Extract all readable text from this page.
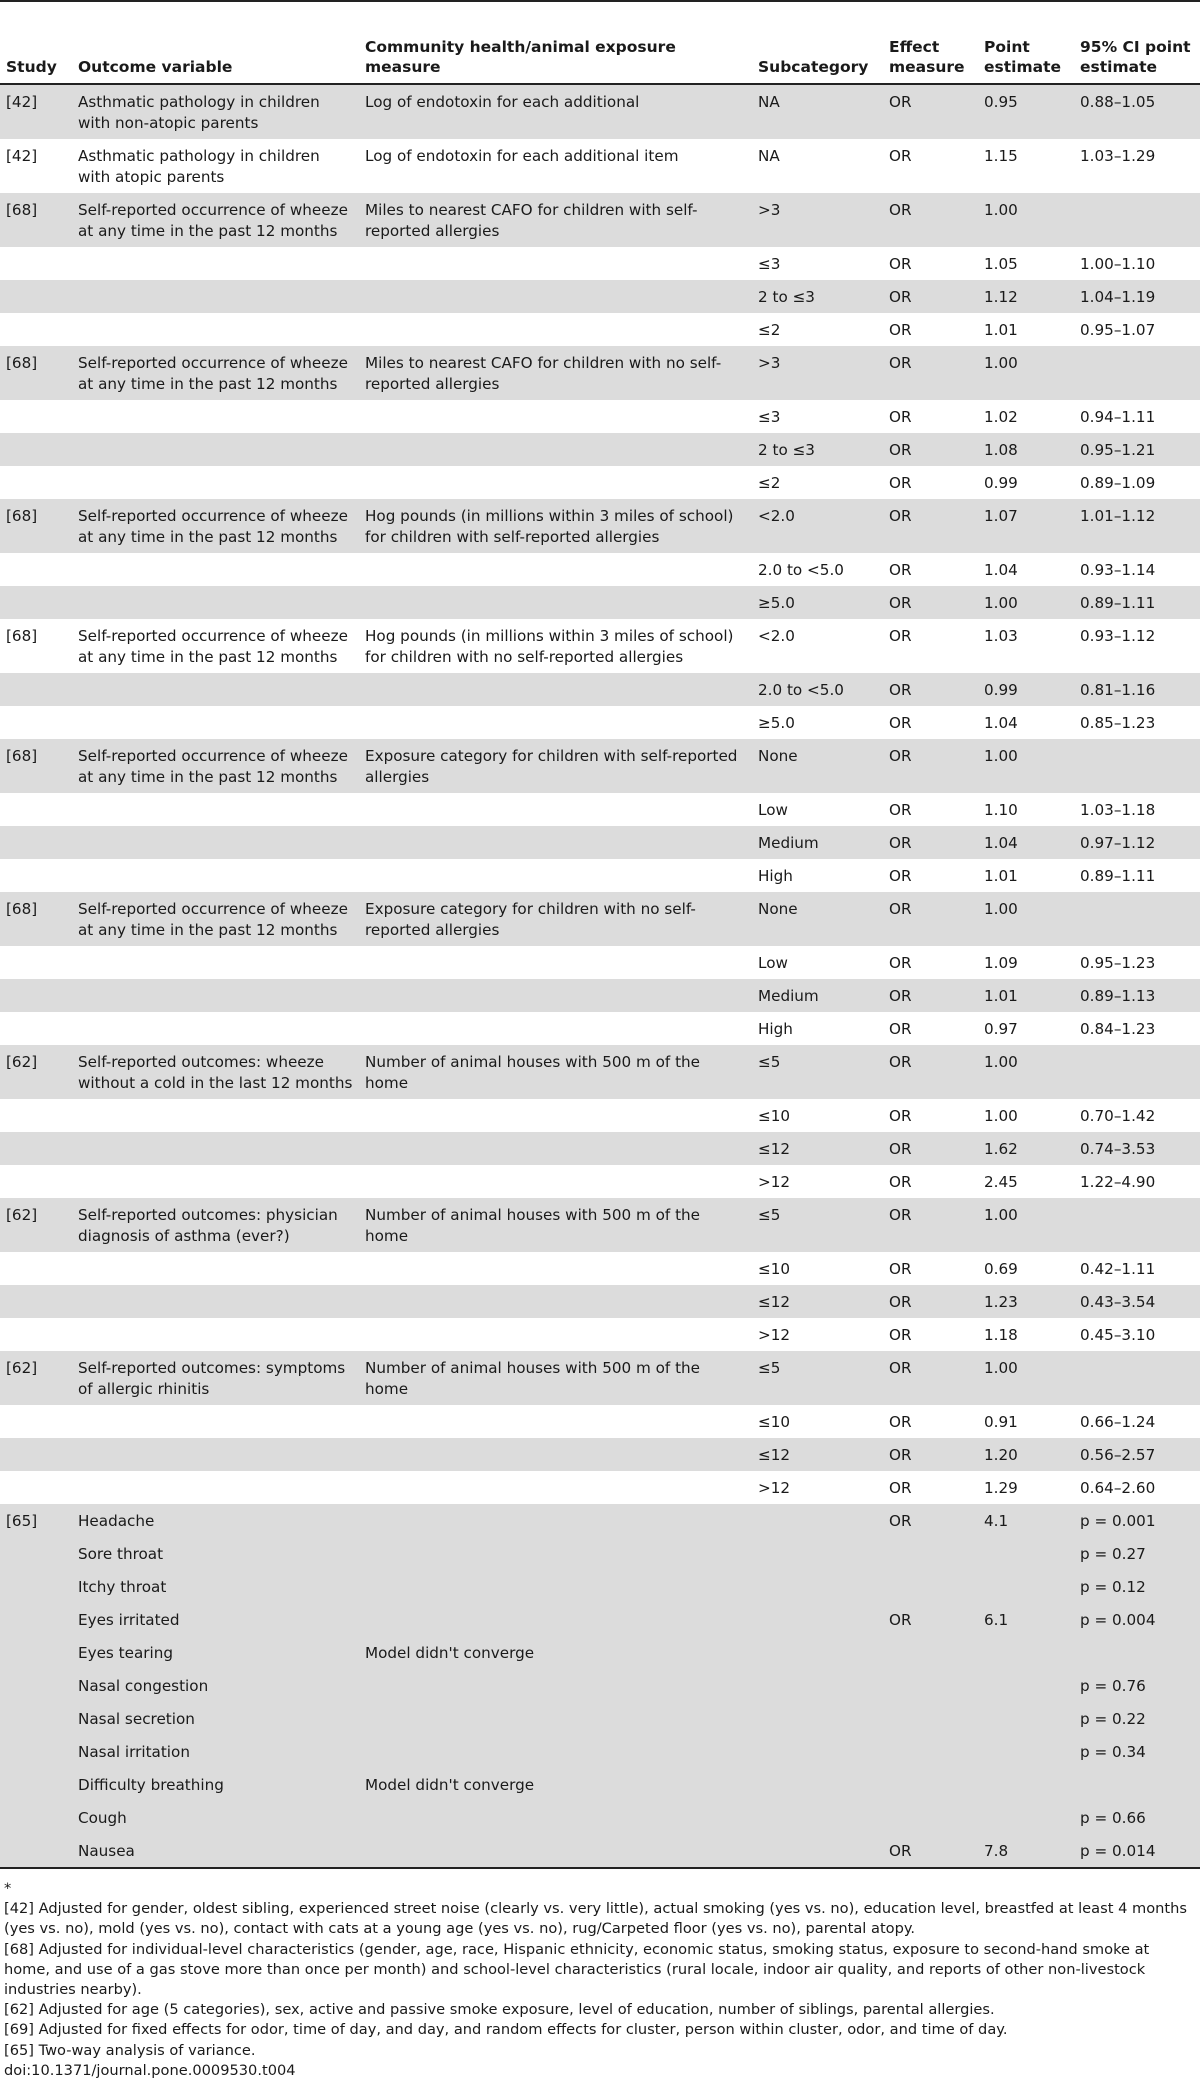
Study	Outcome variable	Community health/animal exposure measure	Subcategory	Effect measure	Point estimate	95% CI point estimate
[42]	Asthmatic pathology in children with non-atopic parents	Log of endotoxin for each additional	NA	OR	0.95	0.88–1.05
[42]	Asthmatic pathology in children with atopic parents	Log of endotoxin for each additional item	NA	OR	1.15	1.03–1.29
[68]	Self-reported occurrence of wheeze at any time in the past 12 months	Miles to nearest CAFO for children with self-reported allergies	>3	OR	1.00	
			≤3	OR	1.05	1.00–1.10
			2 to ≤3	OR	1.12	1.04–1.19
			≤2	OR	1.01	0.95–1.07
[68]	Self-reported occurrence of wheeze at any time in the past 12 months	Miles to nearest CAFO for children with no self-reported allergies	>3	OR	1.00	
			≤3	OR	1.02	0.94–1.11
			2 to ≤3	OR	1.08	0.95–1.21
			≤2	OR	0.99	0.89–1.09
[68]	Self-reported occurrence of wheeze at any time in the past 12 months	Hog pounds (in millions within 3 miles of school) for children with self-reported allergies	<2.0	OR	1.07	1.01–1.12
			2.0 to <5.0	OR	1.04	0.93–1.14
			≥5.0	OR	1.00	0.89–1.11
[68]	Self-reported occurrence of wheeze at any time in the past 12 months	Hog pounds (in millions within 3 miles of school) for children with no self-reported allergies	<2.0	OR	1.03	0.93–1.12
			2.0 to <5.0	OR	0.99	0.81–1.16
			≥5.0	OR	1.04	0.85–1.23
[68]	Self-reported occurrence of wheeze at any time in the past 12 months	Exposure category for children with self-reported allergies	None	OR	1.00	
			Low	OR	1.10	1.03–1.18
			Medium	OR	1.04	0.97–1.12
			High	OR	1.01	0.89–1.11
[68]	Self-reported occurrence of wheeze at any time in the past 12 months	Exposure category for children with no self-reported allergies	None	OR	1.00	
			Low	OR	1.09	0.95–1.23
			Medium	OR	1.01	0.89–1.13
			High	OR	0.97	0.84–1.23
[62]	Self-reported outcomes: wheeze without a cold in the last 12 months	Number of animal houses with 500 m of the home	≤5	OR	1.00	
			≤10	OR	1.00	0.70–1.42
			≤12	OR	1.62	0.74–3.53
			>12	OR	2.45	1.22–4.90
[62]	Self-reported outcomes: physician diagnosis of asthma (ever?)	Number of animal houses with 500 m of the home	≤5	OR	1.00	
			≤10	OR	0.69	0.42–1.11
			≤12	OR	1.23	0.43–3.54
			>12	OR	1.18	0.45–3.10
[62]	Self-reported outcomes: symptoms of allergic rhinitis	Number of animal houses with 500 m of the home	≤5	OR	1.00	
			≤10	OR	0.91	0.66–1.24
			≤12	OR	1.20	0.56–2.57
			>12	OR	1.29	0.64–2.60
[65]	Headache			OR	4.1	p = 0.001
	Sore throat					p = 0.27
	Itchy throat					p = 0.12
	Eyes irritated			OR	6.1	p = 0.004
	Eyes tearing	Model didn't converge				
	Nasal congestion					p = 0.76
	Nasal secretion					p = 0.22
	Nasal irritation					p = 0.34
	Difficulty breathing	Model didn't converge				
	Cough					p = 0.66
	Nausea			OR	7.8	p = 0.014
*
[42] Adjusted for gender, oldest sibling, experienced street noise (clearly vs. very little), actual smoking (yes vs. no), education level, breastfed at least 4 months (yes vs. no), mold (yes vs. no), contact with cats at a young age (yes vs. no), rug/Carpeted floor (yes vs. no), parental atopy.
[68] Adjusted for individual-level characteristics (gender, age, race, Hispanic ethnicity, economic status, smoking status, exposure to second-hand smoke at home, and use of a gas stove more than once per month) and school-level characteristics (rural locale, indoor air quality, and reports of other non-livestock industries nearby).
[62] Adjusted for age (5 categories), sex, active and passive smoke exposure, level of education, number of siblings, parental allergies.
[69] Adjusted for fixed effects for odor, time of day, and day, and random effects for cluster, person within cluster, odor, and time of day.
[65] Two-way analysis of variance.
doi:10.1371/journal.pone.0009530.t004
